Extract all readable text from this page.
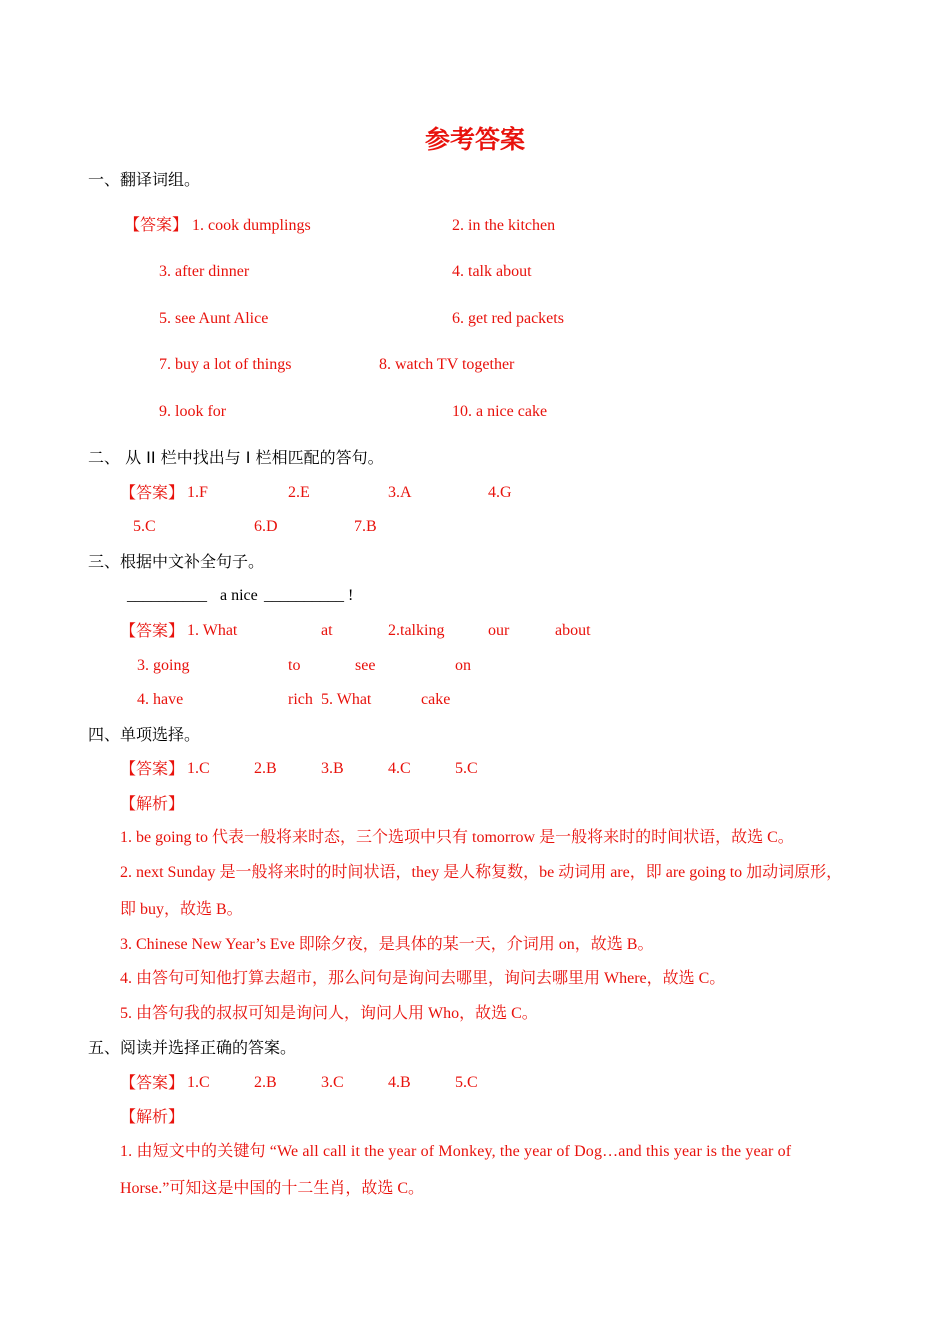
参考答案
一、翻译词组。
【答案】 1. cook dumplings	2. in the kitchen
3. after dinner	4. talk about
5. see Aunt Alice	6. get red packets
7. buy a lot of things	8. watch TV together
9. look for	10. a nice cake
二、 从 II 栏中找出与 I 栏相匹配的答句。
【答案】 1.F	2.E	3.A	4.G
5.C	6.D	7.B
三、根据中文补全句子。
__________ a nice __________ !
【答案】 1. What	at	2.talking	our	about
3. going	to	see	on
4. have	rich 5. What	cake
四、单项选择。
【答案】 1.C	2.B	3.B	4.C	5.C
【解析】
1. be going to 代表一般将来时态，三个选项中只有 tomorrow 是一般将来时的时间状语，故选 C。
2. next Sunday 是一般将来时的时间状语，they 是人称复数，be 动词用 are，即 are going to 加动词原形，
即 buy，故选 B。
3. Chinese New Year’s Eve 即除夕夜，是具体的某一天，介词用 on，故选 B。
4. 由答句可知他打算去超市，那么问句是询问去哪里，询问去哪里用 Where，故选 C。
5. 由答句我的叔叔可知是询问人，询问人用 Who，故选 C。
五、阅读并选择正确的答案。
【答案】 1.C	2.B	3.C	4.B	5.C
【解析】
1. 由短文中的关键句 “We all call it the year of Monkey, the year of Dog…and this year is the year of
Horse.”可知这是中国的十二生肖，故选 C。
